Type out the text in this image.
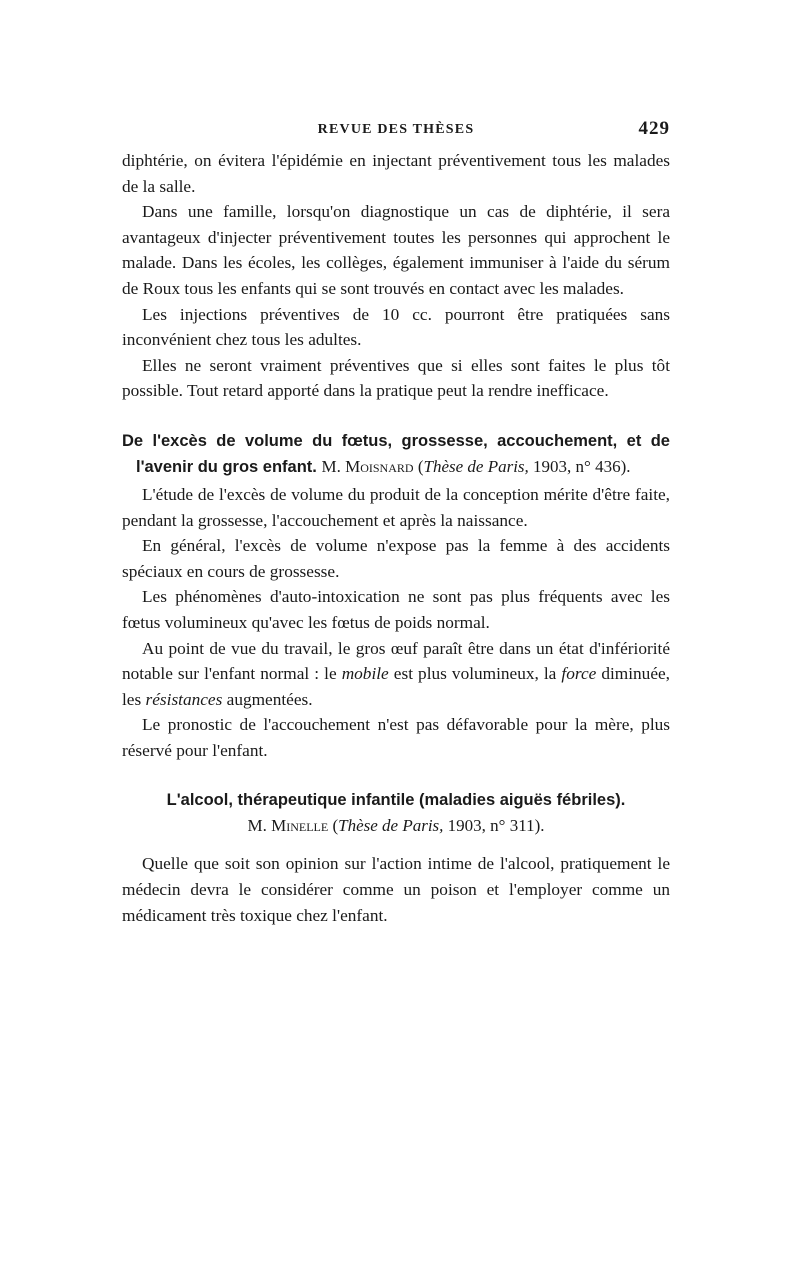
REVUE DES THÈSES	429

diphtérie, on évitera l'épidémie en injectant préventivement tous les malades de la salle.

Dans une famille, lorsqu'on diagnostique un cas de diphtérie, il sera avantageux d'injecter préventivement toutes les personnes qui approchent le malade. Dans les écoles, les collèges, également immuniser à l'aide du sérum de Roux tous les enfants qui se sont trouvés en contact avec les malades.

Les injections préventives de 10 cc. pourront être pratiquées sans inconvénient chez tous les adultes.

Elles ne seront vraiment préventives que si elles sont faites le plus tôt possible. Tout retard apporté dans la pratique peut la rendre inefficace.

De l'excès de volume du fœtus, grossesse, accouchement, et de l'avenir du gros enfant. M. Moisnard (Thèse de Paris, 1903, n° 436).

L'étude de l'excès de volume du produit de la conception mérite d'être faite, pendant la grossesse, l'accouchement et après la naissance.

En général, l'excès de volume n'expose pas la femme à des accidents spéciaux en cours de grossesse.

Les phénomènes d'auto-intoxication ne sont pas plus fréquents avec les fœtus volumineux qu'avec les fœtus de poids normal.

Au point de vue du travail, le gros œuf paraît être dans un état d'infériorité notable sur l'enfant normal : le mobile est plus volumineux, la force diminuée, les résistances augmentées.

Le pronostic de l'accouchement n'est pas défavorable pour la mère, plus réservé pour l'enfant.

L'alcool, thérapeutique infantile (maladies aiguës fébriles).
M. Minelle (Thèse de Paris, 1903, n° 311).

Quelle que soit son opinion sur l'action intime de l'alcool, pratiquement le médecin devra le considérer comme un poison et l'employer comme un médicament très toxique chez l'enfant.
